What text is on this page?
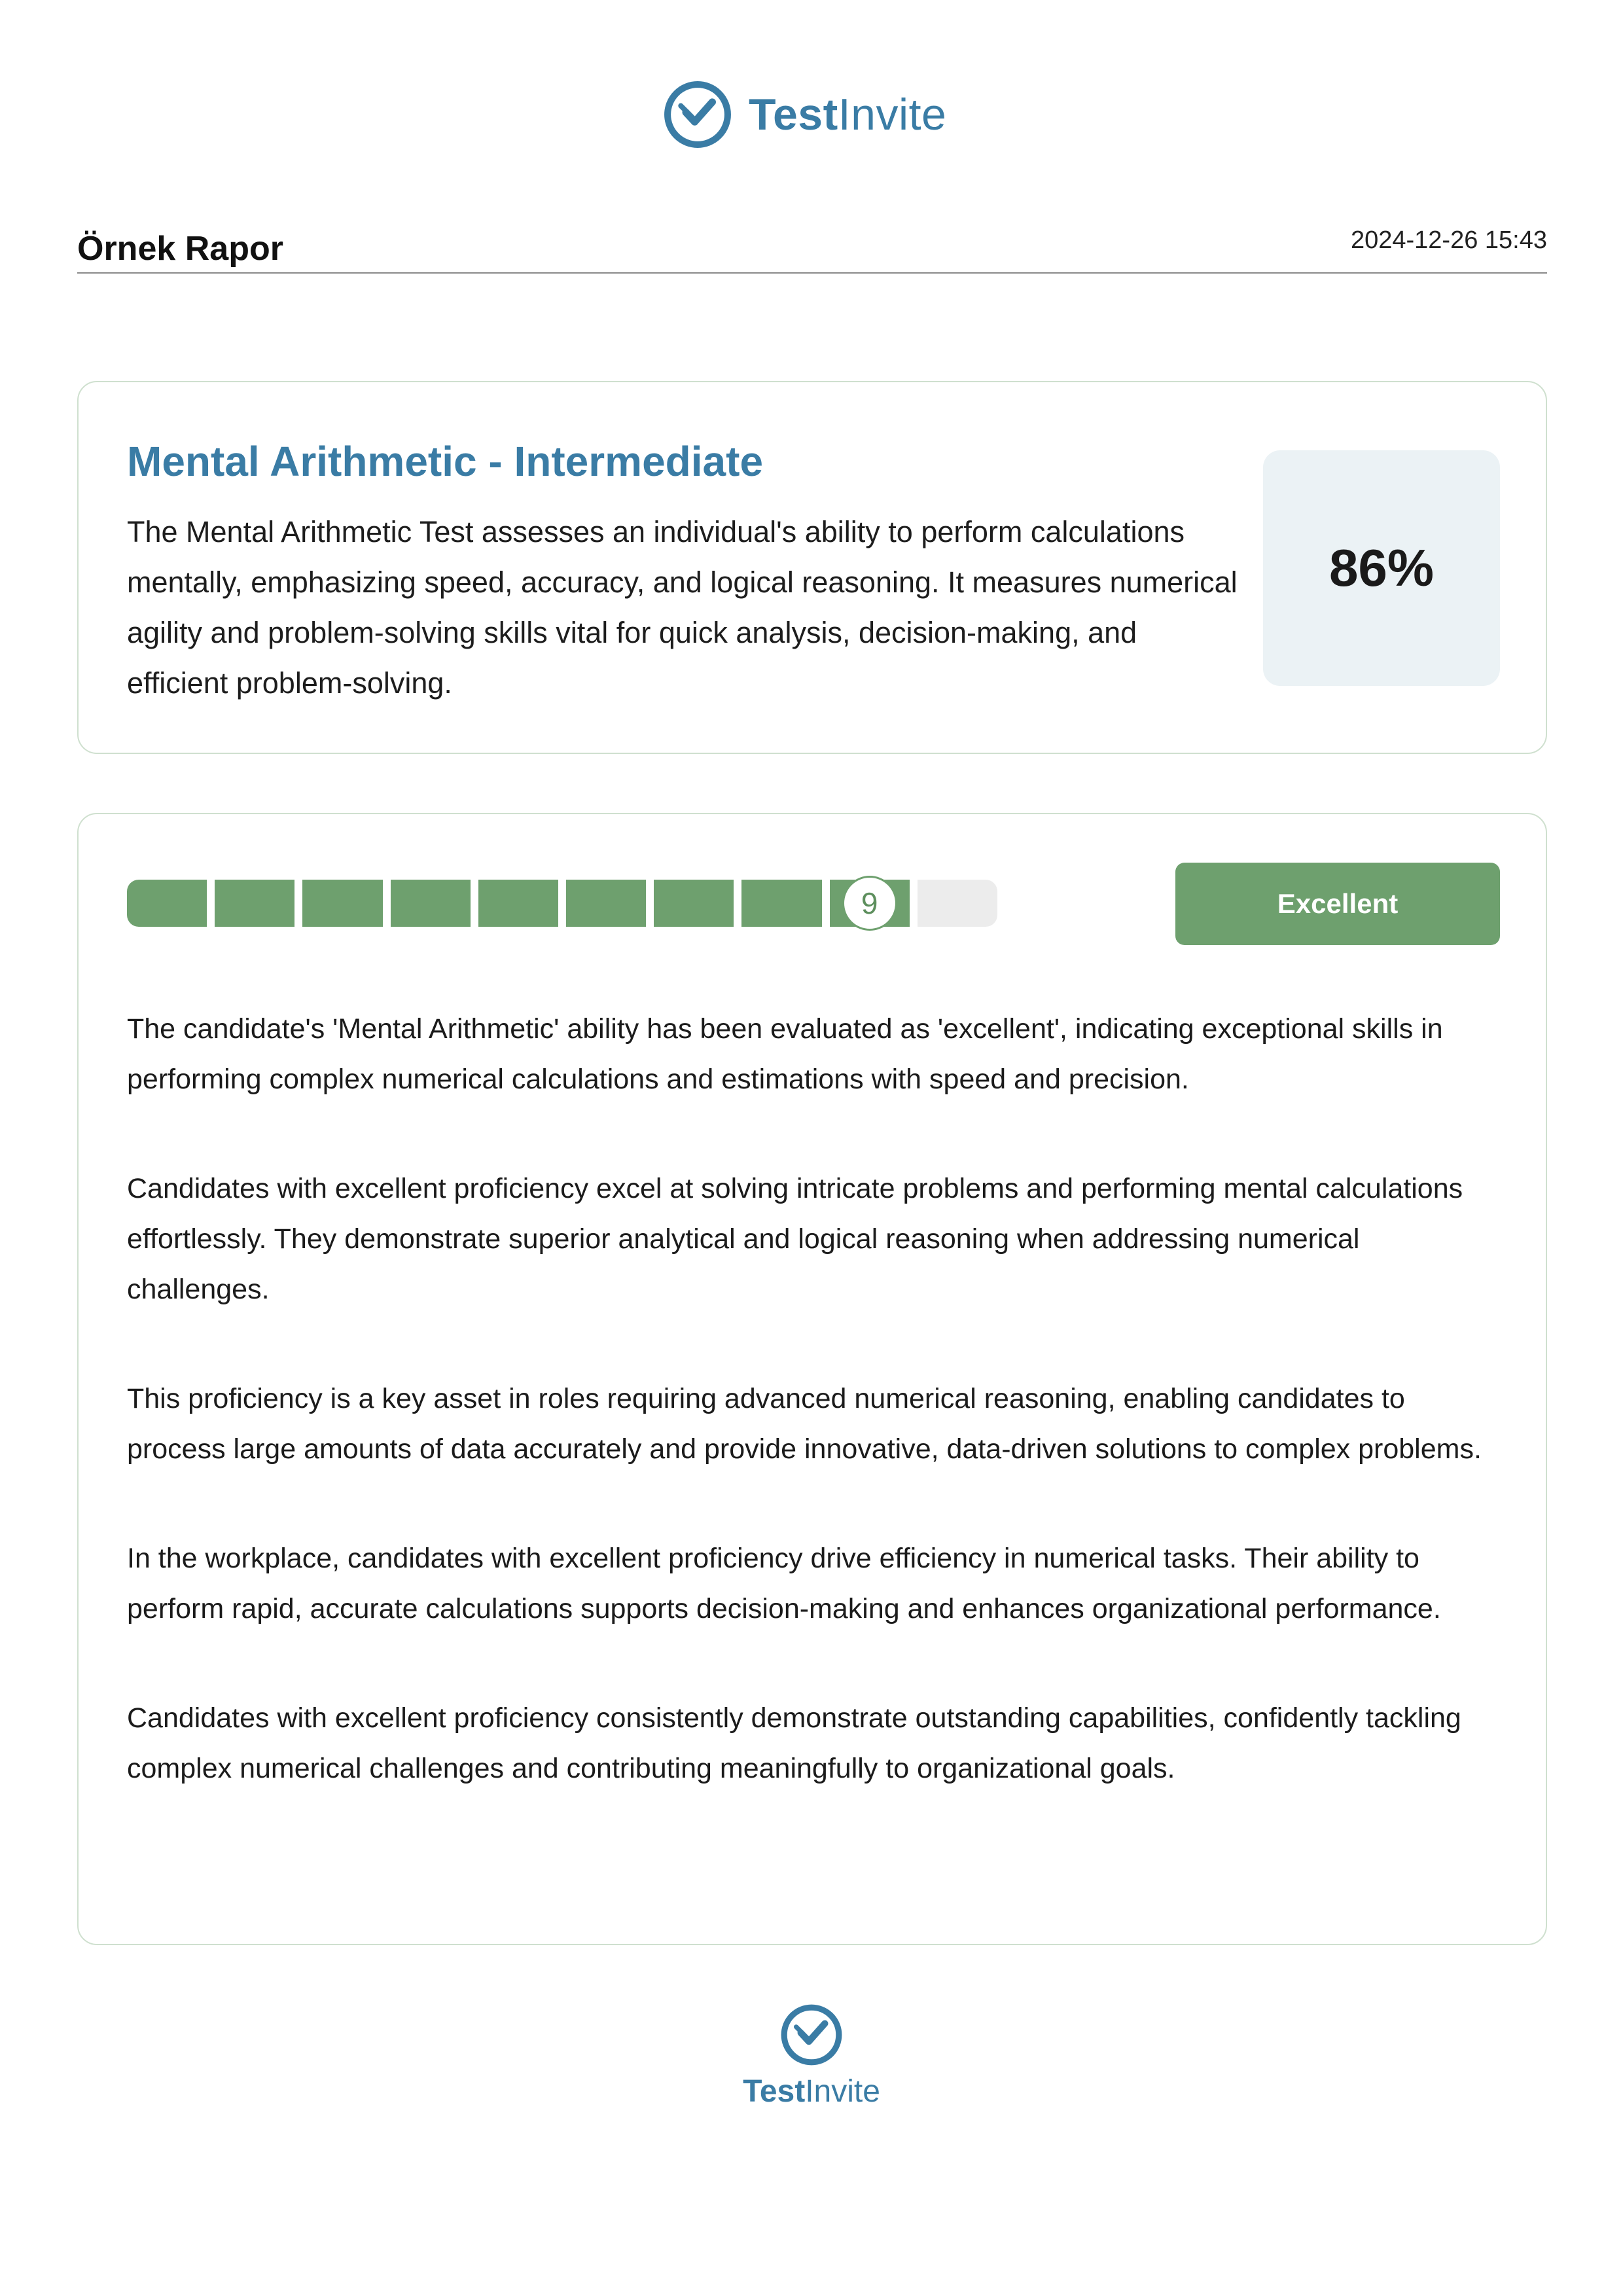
TestInvite
Örnek Rapor	2024-12-26 15:43
Mental Arithmetic - Intermediate
The Mental Arithmetic Test assesses an individual's ability to perform calculations mentally, emphasizing speed, accuracy, and logical reasoning. It measures numerical agility and problem-solving skills vital for quick analysis, decision-making, and efficient problem-solving.
86%
9	Excellent

The candidate's 'Mental Arithmetic' ability has been evaluated as 'excellent', indicating exceptional skills in performing complex numerical calculations and estimations with speed and precision.

Candidates with excellent proficiency excel at solving intricate problems and performing mental calculations effortlessly. They demonstrate superior analytical and logical reasoning when addressing numerical challenges.

This proficiency is a key asset in roles requiring advanced numerical reasoning, enabling candidates to process large amounts of data accurately and provide innovative, data-driven solutions to complex problems.

In the workplace, candidates with excellent proficiency drive efficiency in numerical tasks. Their ability to perform rapid, accurate calculations supports decision-making and enhances organizational performance.

Candidates with excellent proficiency consistently demonstrate outstanding capabilities, confidently tackling complex numerical challenges and contributing meaningfully to organizational goals.

TestInvite
